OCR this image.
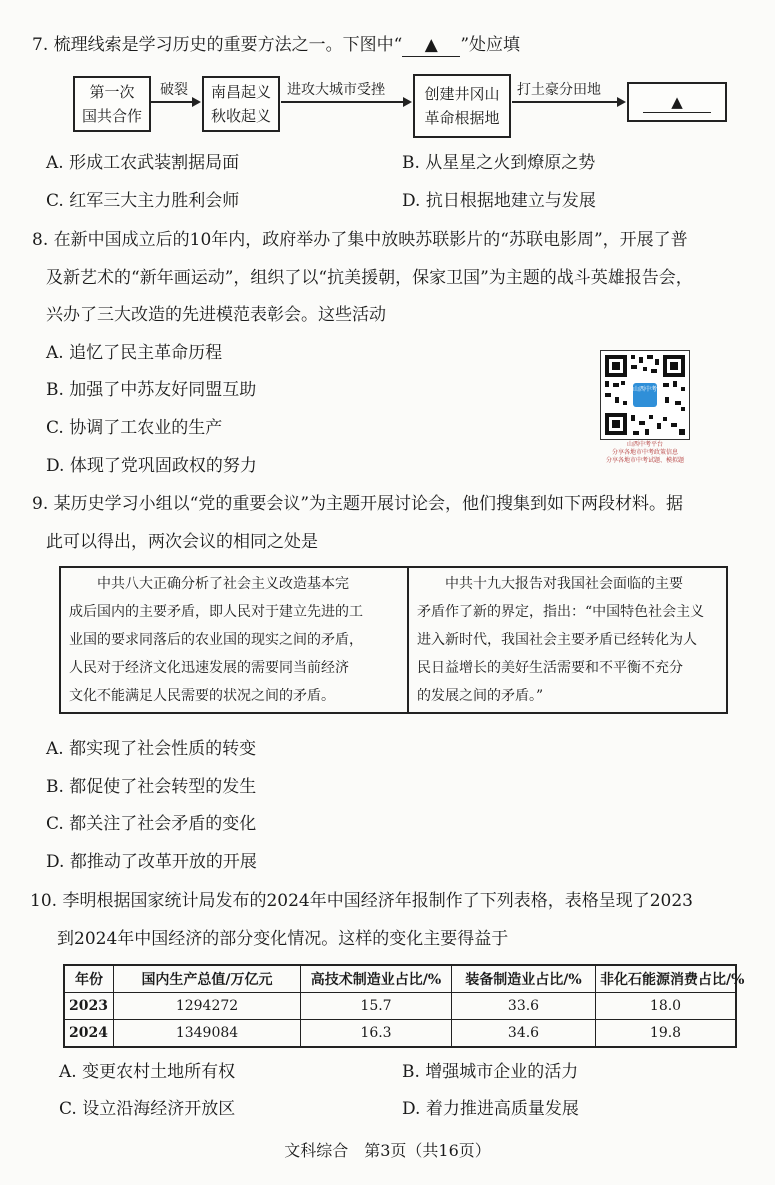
7. 梳理线索是学习历史的重要方法之一。下图中“ ▲ ”处应填
第一次
国共合作
破裂	南昌起义
秋收起义
进攻大城市受挫	创建井冈山
革命根据地
打土豪分田地
▲
A. 形成工农武装割据局面	B. 从星星之火到燎原之势
C. 红军三大主力胜利会师	D. 抗日根据地建立与发展
8. 在新中国成立后的10年内，政府举办了集中放映苏联影片的“苏联电影周”，开展了普
及新艺术的“新年画运动”，组织了以“抗美援朝，保家卫国”为主题的战斗英雄报告会，
兴办了三大改造的先进模范表彰会。这些活动
A. 追忆了民主革命历程
B. 加强了中苏友好同盟互助
C. 协调了工农业的生产
D. 体现了党巩固政权的努力
山西中考
山西中考平台
分享各地市中考政策信息
分享各地市中考试题、模拟题
9. 某历史学习小组以“党的重要会议”为主题开展讨论会，他们搜集到如下两段材料。据
此可以得出，两次会议的相同之处是
　　中共八大正确分析了社会主义改造基本完
成后国内的主要矛盾，即人民对于建立先进的工
业国的要求同落后的农业国的现实之间的矛盾，
人民对于经济文化迅速发展的需要同当前经济
文化不能满足人民需要的状况之间的矛盾。

　　中共十九大报告对我国社会面临的主要
矛盾作了新的界定，指出：“中国特色社会主义
进入新时代，我国社会主要矛盾已经转化为人
民日益增长的美好生活需要和不平衡不充分
的发展之间的矛盾。”
A. 都实现了社会性质的转变
B. 都促使了社会转型的发生
C. 都关注了社会矛盾的变化
D. 都推动了改革开放的开展
10. 李明根据国家统计局发布的2024年中国经济年报制作了下列表格，表格呈现了2023
到2024年中国经济的部分变化情况。这样的变化主要得益于
年份	国内生产总值/万亿元	高技术制造业占比/%	装备制造业占比/%	非化石能源消费占比/%
2023	1294272	15.7	33.6	18.0
2024	1349084	16.3	34.6	19.8
A. 变更农村土地所有权	B. 增强城市企业的活力
C. 设立沿海经济开放区	D. 着力推进高质量发展
文科综合　第3页（共16页）
